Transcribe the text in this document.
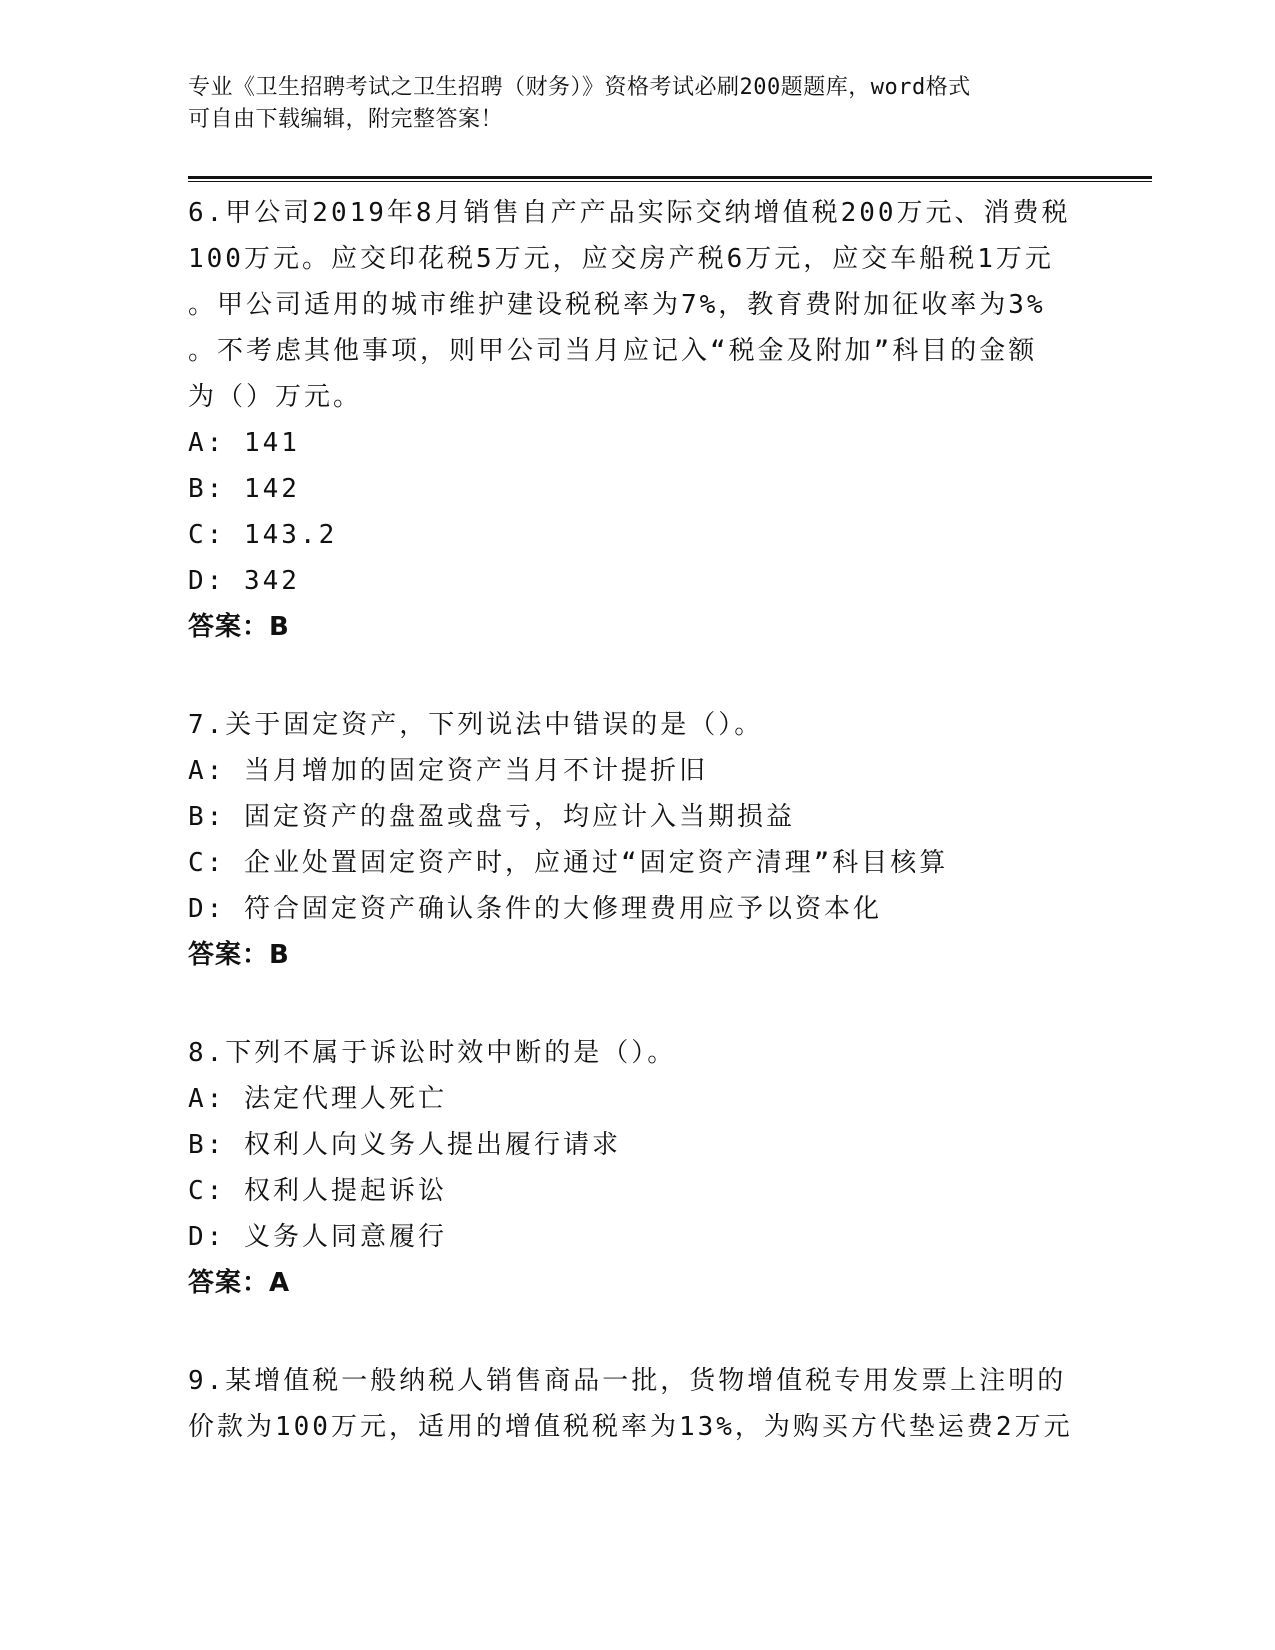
专业《卫生招聘考试之卫生招聘（财务）》资格考试必刷200题题库，word格式
可自由下载编辑，附完整答案！
6.甲公司2019年8月销售自产产品实际交纳增值税200万元、消费税
100万元。应交印花税5万元，应交房产税6万元，应交车船税1万元
。甲公司适用的城市维护建设税税率为7%，教育费附加征收率为3%
。不考虑其他事项，则甲公司当月应记入“税金及附加”科目的金额
为（）万元。
A: 141
B: 142
C: 143.2
D: 342
答案：B
7.关于固定资产，下列说法中错误的是（）。
A: 当月增加的固定资产当月不计提折旧
B: 固定资产的盘盈或盘亏，均应计入当期损益
C: 企业处置固定资产时，应通过“固定资产清理”科目核算
D: 符合固定资产确认条件的大修理费用应予以资本化
答案：B
8.下列不属于诉讼时效中断的是（）。
A: 法定代理人死亡
B: 权利人向义务人提出履行请求
C: 权利人提起诉讼
D: 义务人同意履行
答案：A
9.某增值税一般纳税人销售商品一批，货物增值税专用发票上注明的
价款为100万元，适用的增值税税率为13%，为购买方代垫运费2万元
